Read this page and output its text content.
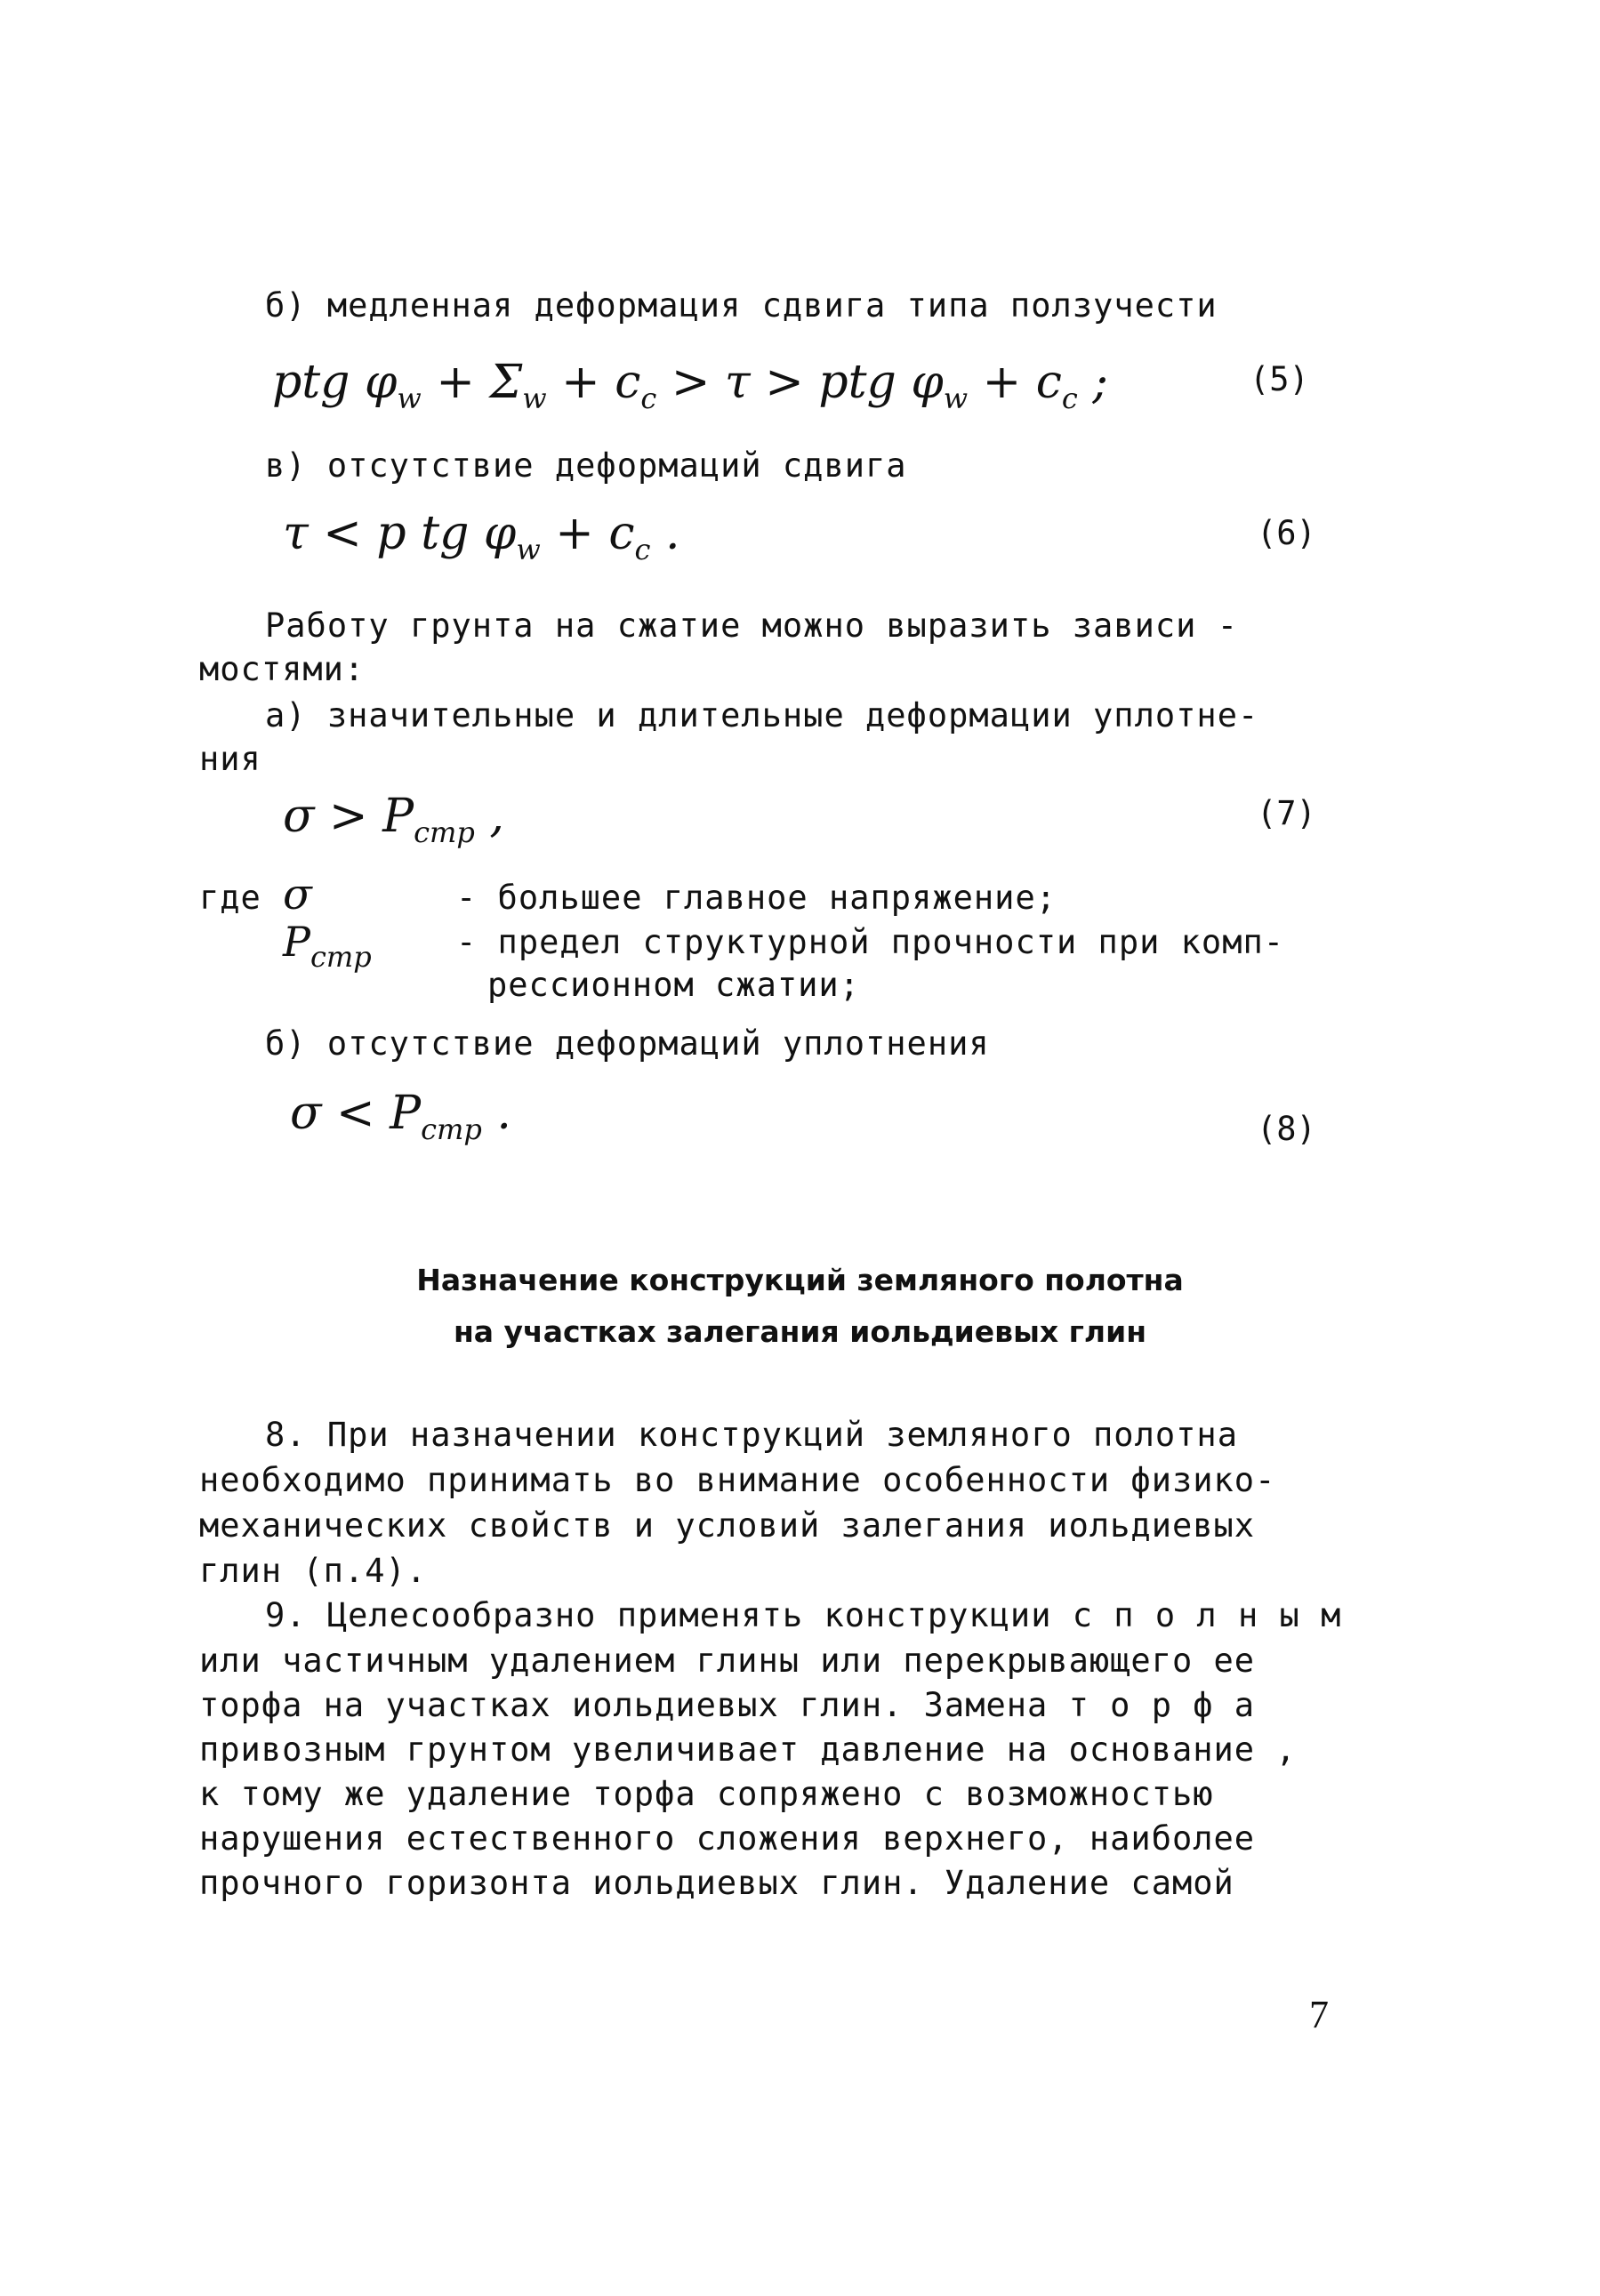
б) медленная деформация сдвига типа ползучести
ptg $\varphi_w + \Sigma_w + c_c > \tau$ > ptg $\varphi_w + c_c$ ;	(5)
в) отсутствие деформаций сдвига
τ < p tg $\varphi_w + c_c$ .	(6)
Работу грунта на сжатие можно выразить зависи -
мостями:
а) значительные и длительные деформации уплотне-
ния
$\sigma > P_{стр}$ ,	(7)
где σ	- большее главное напряжение;
$P_{стр}$	- предел структурной прочности при комп-
рессионном сжатии;
б) отсутствие деформаций уплотнения
$\sigma < P_{стр}$ .	(8)
Назначение конструкций земляного полотна
на участках залегания иольдиевых глин
8. При назначении конструкций земляного полотна
необходимо принимать во внимание особенности физико-
механических свойств и условий залегания иольдиевых
глин (п.4).
9. Целесообразно применять конструкции с п о л н ы м
или частичным удалением глины или перекрывающего ее
торфа на участках иольдиевых глин. Замена т о р ф а
привозным грунтом увеличивает давление на основание ,
к тому же удаление торфа сопряжено с возможностью
нарушения естественного сложения верхнего, наиболее
прочного горизонта иольдиевых глин. Удаление самой
7
